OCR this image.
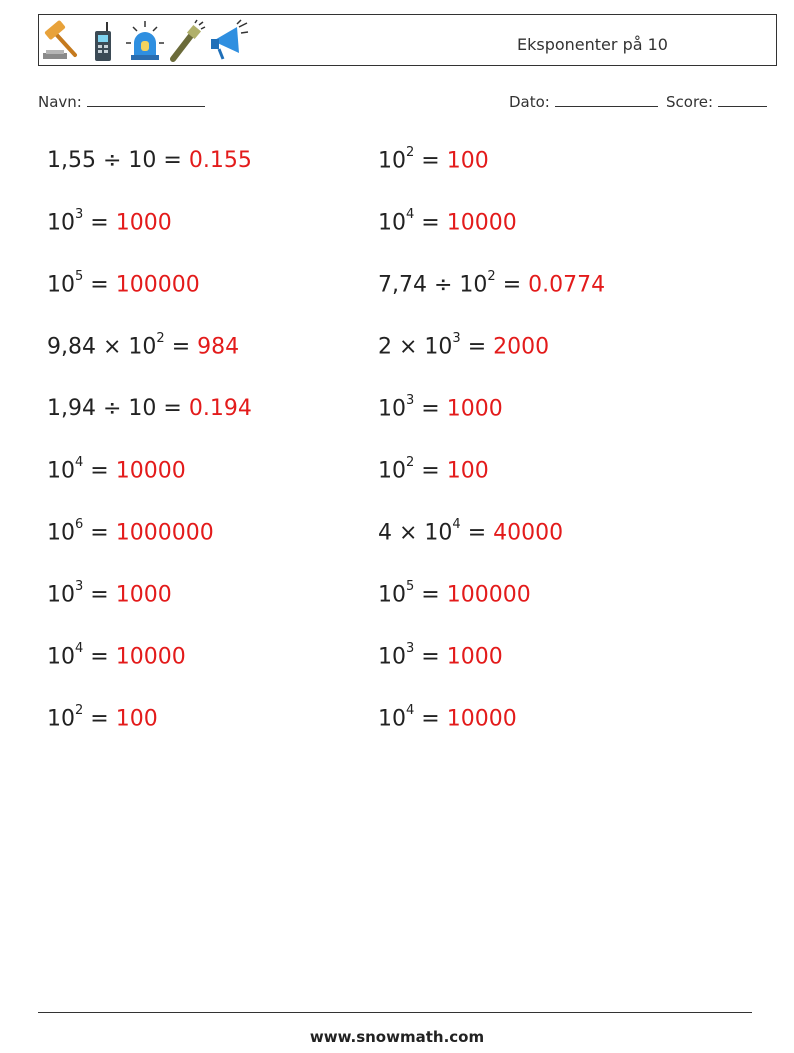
Eksponenter på 10
Navn:	Dato:	Score:
1,55 ÷ 10 = 0.155
$10^3 = 1000$
$10^5 = 100000$
$9,84 \times 10^2 = 984$
1,94 ÷ 10 = 0.194
$10^4 = 10000$
$10^6 = 1000000$
$10^3 = 1000$
$10^4 = 10000$
$10^2 = 100$
$10^2 = 100$
$10^4 = 10000$
$7,74 \div 10^2 = 0.0774$
$2 \times 10^3 = 2000$
$10^3 = 1000$
$10^2 = 100$
$4 \times 10^4 = 40000$
$10^5 = 100000$
$10^3 = 1000$
$10^4 = 10000$
www.snowmath.com
